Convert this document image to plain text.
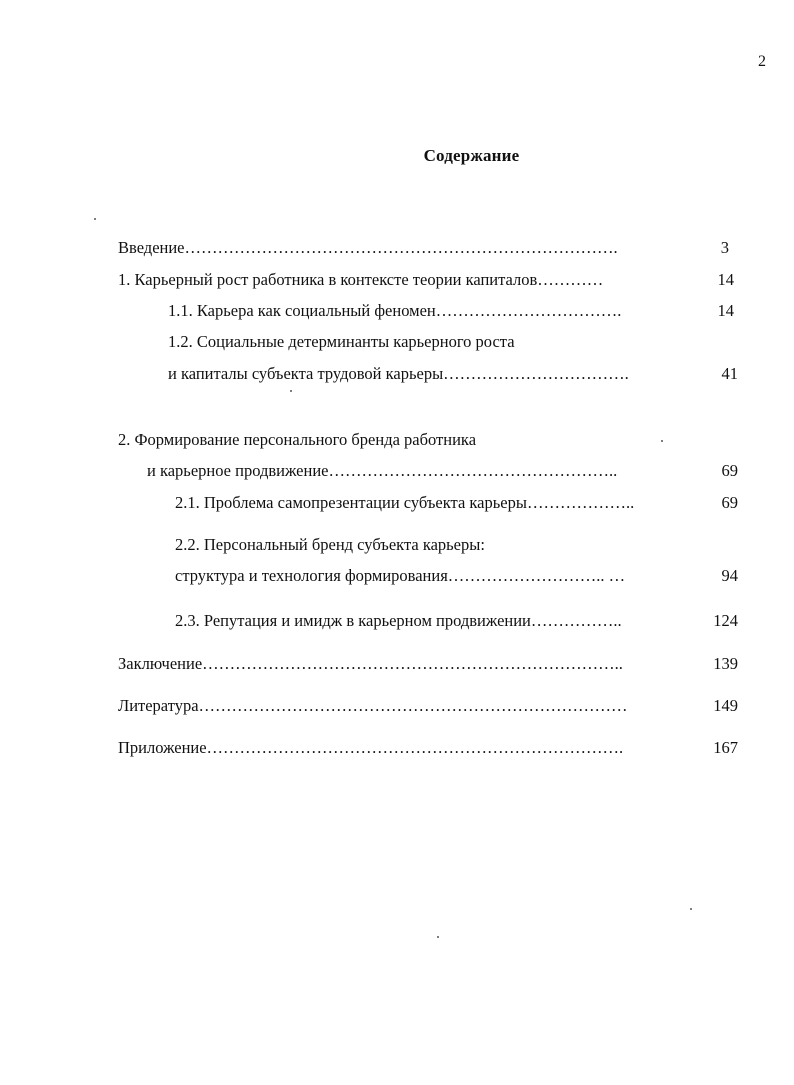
2
Содержание
Введение…………………………………………………………………….	3
1. Карьерный рост работника в контексте теории капиталов…………	14
1.1. Карьера как социальный феномен…………………………….	14
1.2. Социальные детерминанты карьерного роста
и капиталы субъекта трудовой карьеры…………………………….	41
2. Формирование персонального бренда работника
и карьерное продвижение……………………………………………..	69
2.1. Проблема самопрезентации субъекта карьеры………………..	69
2.2. Персональный бренд субъекта карьеры:
структура и технология формирования……………………….. …	94
2.3. Репутация и имидж в карьерном продвижении……………..	124
Заключение…………………………………………………………………..	139
Литература……………………………………………………………………	149
Приложение………………………………………………………………….	167
